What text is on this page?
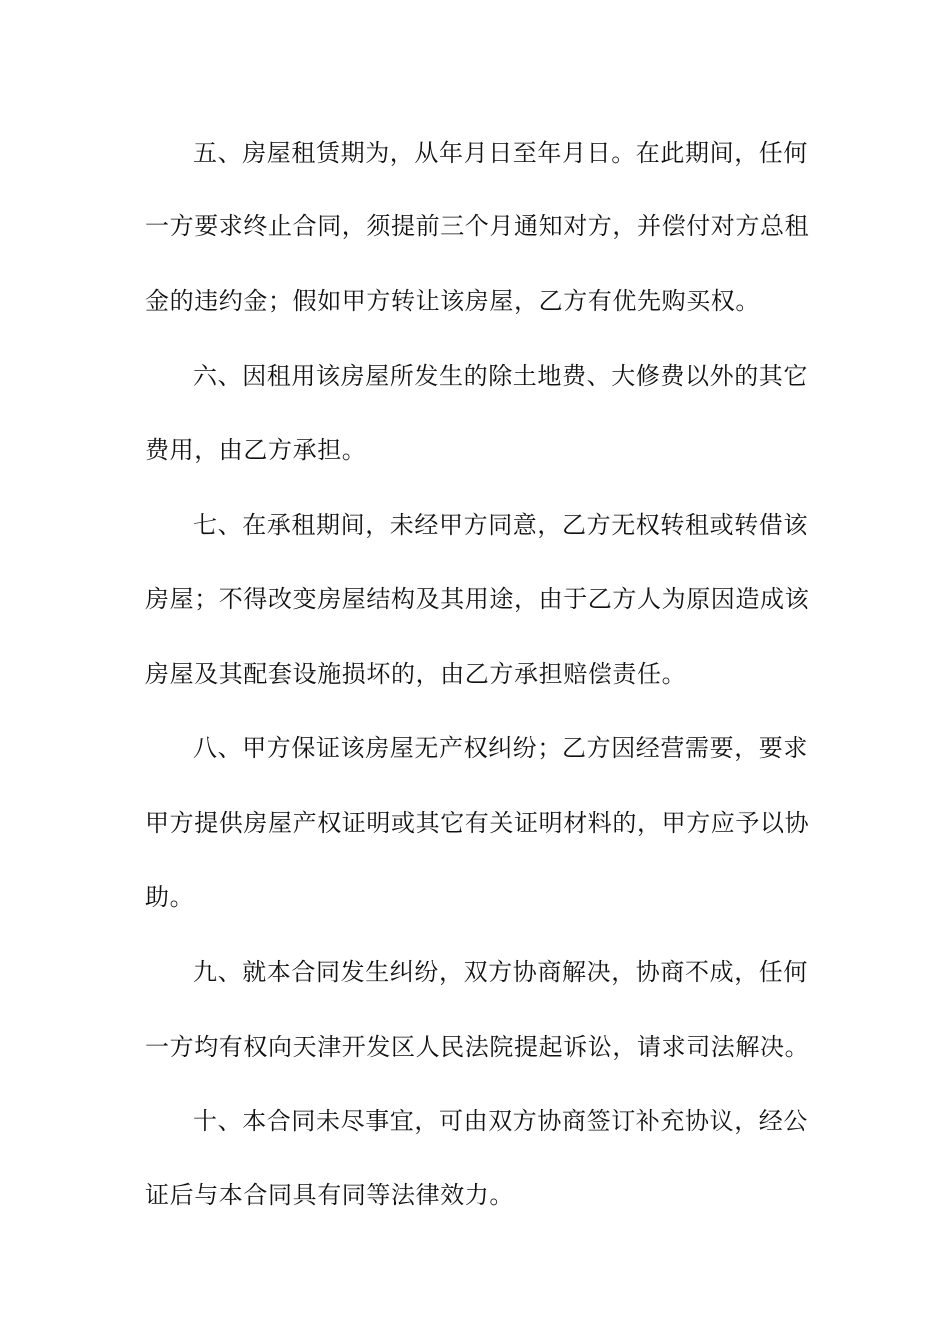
五、房屋租赁期为，从年月日至年月日。在此期间，任何
一方要求终止合同，须提前三个月通知对方，并偿付对方总租
金的违约金；假如甲方转让该房屋，乙方有优先购买权。
六、因租用该房屋所发生的除土地费、大修费以外的其它
费用，由乙方承担。
七、在承租期间，未经甲方同意，乙方无权转租或转借该
房屋；不得改变房屋结构及其用途，由于乙方人为原因造成该
房屋及其配套设施损坏的，由乙方承担赔偿责任。
八、甲方保证该房屋无产权纠纷；乙方因经营需要，要求
甲方提供房屋产权证明或其它有关证明材料的，甲方应予以协
助。
九、就本合同发生纠纷，双方协商解决，协商不成，任何
一方均有权向天津开发区人民法院提起诉讼，请求司法解决。
十、本合同未尽事宜，可由双方协商签订补充协议，经公
证后与本合同具有同等法律效力。
